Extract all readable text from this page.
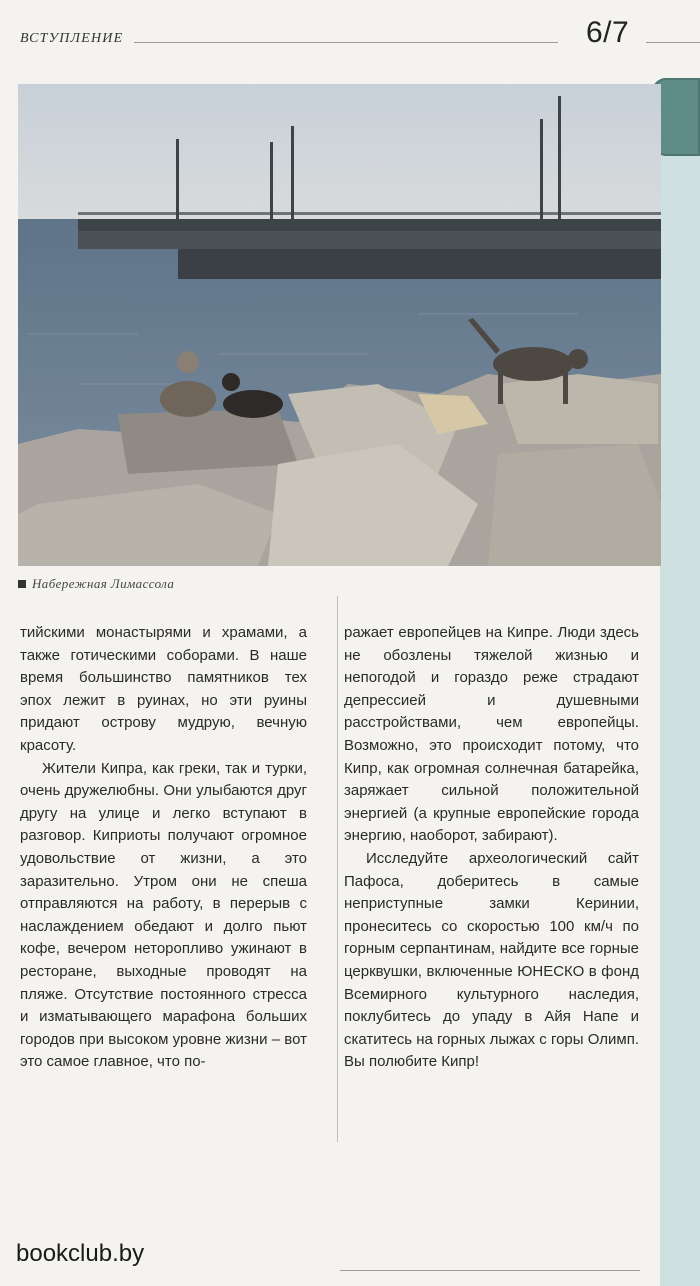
ВСТУПЛЕНИЕ	6/7
Набережная Лимассола

тийскими монастырями и храмами, а также готическими соборами. В наше время большинство памятников тех эпох лежит в руинах, но эти руины придают острову мудрую, вечную красоту.

Жители Кипра, как греки, так и турки, очень дружелюбны. Они улыбаются друг другу на улице и легко вступают в разговор. Киприоты получают огромное удовольствие от жизни, а это заразительно. Утром они не спеша отправляются на работу, в перерыв с наслаждением обедают и долго пьют кофе, вечером неторопливо ужинают в ресторане, выходные проводят на пляже. Отсутствие постоянного стресса и изматывающего марафона больших городов при высоком уровне жизни – вот это самое главное, что по-

ражает европейцев на Кипре. Люди здесь не обозлены тяжелой жизнью и непогодой и гораздо реже страдают депрессией и душевными расстройствами, чем европейцы. Возможно, это происходит потому, что Кипр, как огромная солнечная батарейка, заряжает сильной положительной энергией (а крупные европейские города энергию, наоборот, забирают).

Исследуйте археологический сайт Пафоса, доберитесь в самые неприступные замки Керинии, пронеситесь со скоростью 100 км/ч по горным серпантинам, найдите все горные церквушки, включенные ЮНЕСКО в фонд Всемирного культурного наследия, поклубитесь до упаду в Айя Напе и скатитесь на горных лыжах с горы Олимп. Вы полюбите Кипр!

bookclub.by
